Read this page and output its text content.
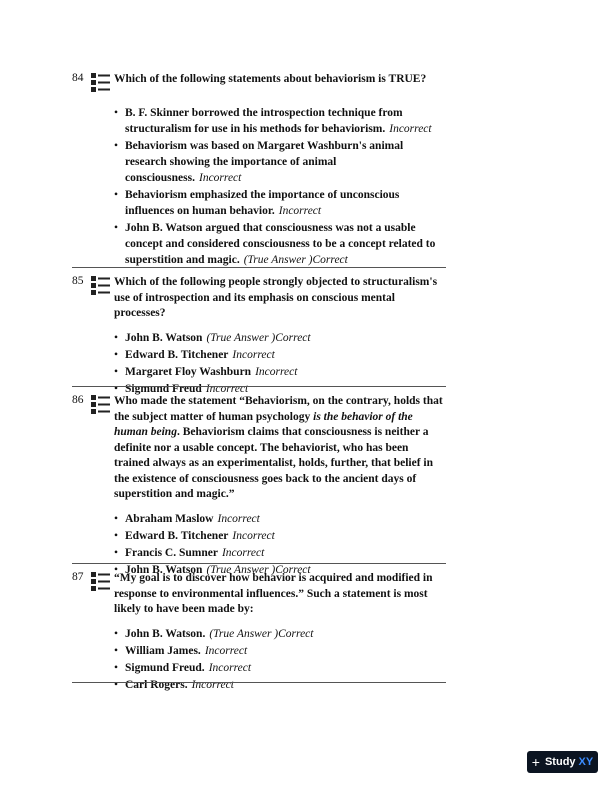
84	Which of the following statements about behaviorism is TRUE?
• B. F. Skinner borrowed the introspection technique from structuralism for use in his methods for behaviorism. Incorrect
• Behaviorism was based on Margaret Washburn's animal research showing the importance of animal consciousness. Incorrect
• Behaviorism emphasized the importance of unconscious influences on human behavior. Incorrect
• John B. Watson argued that consciousness was not a usable concept and considered consciousness to be a concept related to superstition and magic. (True Answer )Correct
85	Which of the following people strongly objected to structuralism's use of introspection and its emphasis on conscious mental processes?
• John B. Watson (True Answer )Correct
• Edward B. Titchener Incorrect
• Margaret Floy Washburn Incorrect
• Sigmund Freud Incorrect
86	Who made the statement “Behaviorism, on the contrary, holds that the subject matter of human psychology is the behavior of the human being. Behaviorism claims that consciousness is neither a definite nor a usable concept. The behaviorist, who has been trained always as an experimentalist, holds, further, that belief in the existence of consciousness goes back to the ancient days of superstition and magic.”
• Abraham Maslow Incorrect
• Edward B. Titchener Incorrect
• Francis C. Sumner Incorrect
• John B. Watson (True Answer )Correct
87	“My goal is to discover how behavior is acquired and modified in response to environmental influences.” Such a statement is most likely to have been made by:
• John B. Watson. (True Answer )Correct
• William James. Incorrect
• Sigmund Freud. Incorrect
• Carl Rogers. Incorrect
+ Study XY
